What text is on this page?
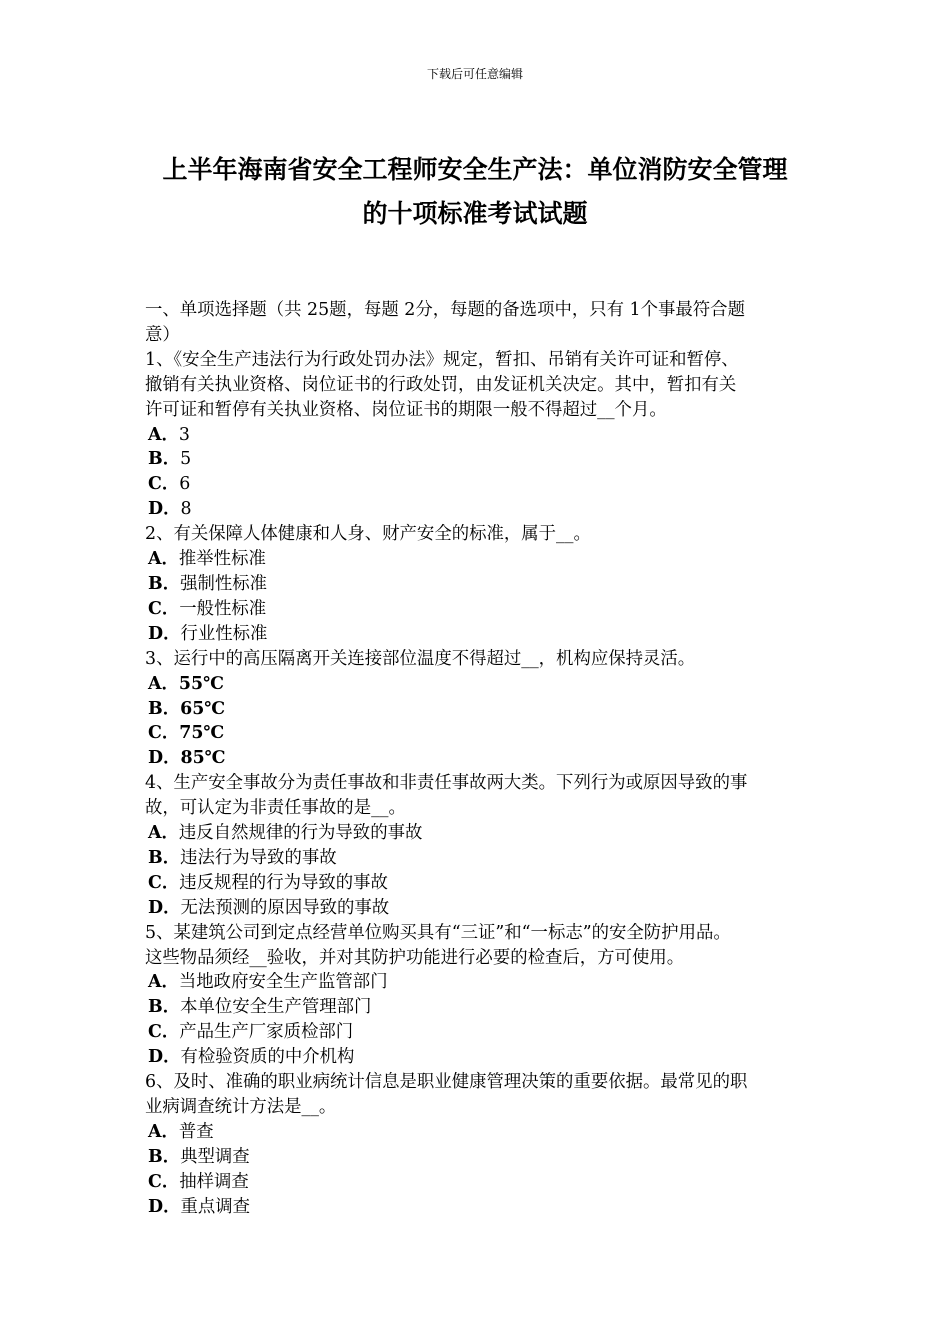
下载后可任意编辑
上半年海南省安全工程师安全生产法：单位消防安全管理
的十项标准考试试题
一、单项选择题（共 25题，每题 2分，每题的备选项中，只有 1个事最符合题
意）
1、《安全生产违法行为行政处罚办法》规定，暂扣、吊销有关许可证和暂停、
撤销有关执业资格、岗位证书的行政处罚，由发证机关决定。其中，暂扣有关
许可证和暂停有关执业资格、岗位证书的期限一般不得超过__个月。
A．3
B．5
C．6
D．8
2、有关保障人体健康和人身、财产安全的标准，属于__。
A．推举性标准
B．强制性标准
C．一般性标准
D．行业性标准
3、运行中的高压隔离开关连接部位温度不得超过__，机构应保持灵活。
A．55℃
B．65℃
C．75℃
D．85℃
4、生产安全事故分为责任事故和非责任事故两大类。下列行为或原因导致的事
故，可认定为非责任事故的是__。
A．违反自然规律的行为导致的事故
B．违法行为导致的事故
C．违反规程的行为导致的事故
D．无法预测的原因导致的事故
5、某建筑公司到定点经营单位购买具有“三证”和“一标志”的安全防护用品。
这些物品须经__验收，并对其防护功能进行必要的检查后，方可使用。
A．当地政府安全生产监管部门
B．本单位安全生产管理部门
C．产品生产厂家质检部门
D．有检验资质的中介机构
6、及时、准确的职业病统计信息是职业健康管理决策的重要依据。最常见的职
业病调查统计方法是__。
A．普查
B．典型调查
C．抽样调查
D．重点调查
